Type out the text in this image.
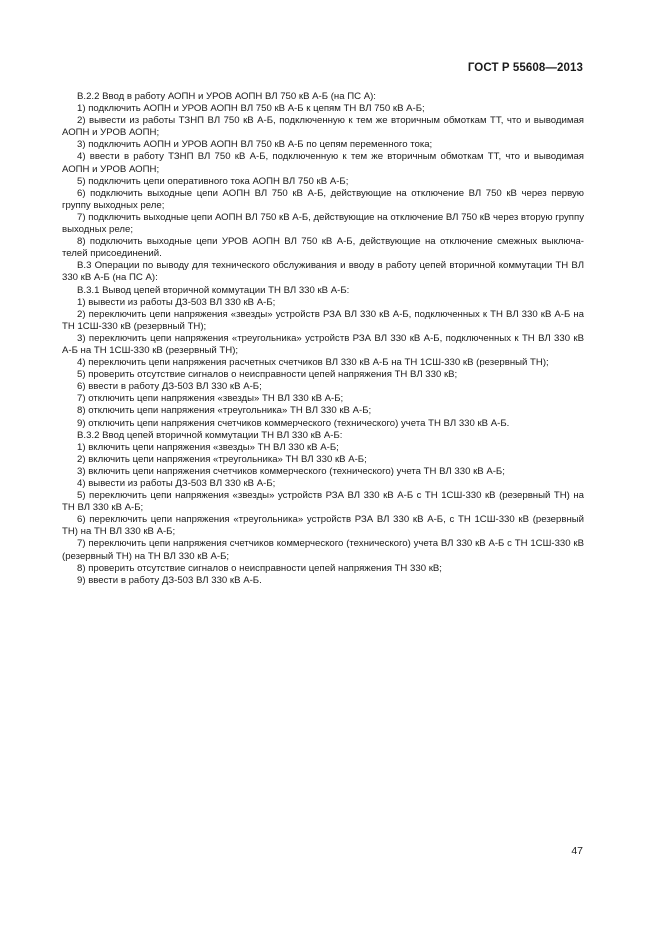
ГОСТ Р 55608—2013

В.2.2 Ввод в работу АОПН и УРОВ АОПН ВЛ 750 кВ А-Б (на ПС А):

1) подключить АОПН и УРОВ АОПН ВЛ 750 кВ А-Б к цепям ТН ВЛ 750 кВ А-Б;

2) вывести из работы ТЗНП ВЛ 750 кВ А-Б, подключенную к тем же вторичным обмоткам ТТ, что и выводимая АОПН и УРОВ АОПН;

3) подключить АОПН и УРОВ АОПН ВЛ 750 кВ А-Б по цепям переменного тока;

4) ввести в работу ТЗНП ВЛ 750 кВ А-Б, подключенную к тем же вторичным обмоткам ТТ, что и выводимая АОПН и УРОВ АОПН;

5) подключить цепи оперативного тока АОПН ВЛ 750 кВ А-Б;

6) подключить выходные цепи АОПН ВЛ 750 кВ А-Б, действующие на отключение ВЛ 750 кВ через первую группу выходных реле;

7) подключить выходные цепи АОПН ВЛ 750 кВ А-Б, действующие на отключение ВЛ 750 кВ через вторую группу выходных реле;

8) подключить выходные цепи УРОВ АОПН ВЛ 750 кВ А-Б, действующие на отключение смежных выключа-телей присоединений.

В.3 Операции по выводу для технического обслуживания и вводу в работу цепей вторичной коммутации ТН ВЛ 330 кВ А-Б (на ПС А):

В.3.1 Вывод цепей вторичной коммутации ТН ВЛ 330 кВ А-Б:

1) вывести из работы ДЗ-503 ВЛ 330 кВ А-Б;

2) переключить цепи напряжения «звезды» устройств РЗА ВЛ 330 кВ А-Б, подключенных к ТН ВЛ 330 кВ А-Б на ТН 1СШ-330 кВ (резервный ТН);

3) переключить цепи напряжения «треугольника» устройств РЗА ВЛ 330 кВ А-Б, подключенных к ТН ВЛ 330 кВ А-Б на ТН 1СШ-330 кВ (резервный ТН);

4) переключить цепи напряжения расчетных счетчиков ВЛ 330 кВ А-Б на ТН 1СШ-330 кВ (резервный ТН);

5) проверить отсутствие сигналов о неисправности цепей напряжения ТН ВЛ 330 кВ;

6) ввести в работу ДЗ-503 ВЛ 330 кВ А-Б;

7) отключить цепи напряжения «звезды» ТН ВЛ 330 кВ А-Б;

8) отключить цепи напряжения «треугольника» ТН ВЛ 330 кВ А-Б;

9) отключить цепи напряжения счетчиков коммерческого (технического) учета ТН ВЛ 330 кВ А-Б.

В.3.2 Ввод цепей вторичной коммутации ТН ВЛ 330 кВ А-Б:

1) включить цепи напряжения «звезды» ТН ВЛ 330 кВ А-Б;

2) включить цепи напряжения «треугольника» ТН ВЛ 330 кВ А-Б;

3) включить цепи напряжения счетчиков коммерческого (технического) учета ТН ВЛ 330 кВ А-Б;

4) вывести из работы ДЗ-503 ВЛ 330 кВ А-Б;

5) переключить цепи напряжения «звезды» устройств РЗА ВЛ 330 кВ А-Б с ТН 1СШ-330 кВ (резервный ТН) на ТН ВЛ 330 кВ А-Б;

6) переключить цепи напряжения «треугольника» устройств РЗА ВЛ 330 кВ А-Б, с ТН 1СШ-330 кВ (резервный ТН) на ТН ВЛ 330 кВ А-Б;

7) переключить цепи напряжения счетчиков коммерческого (технического) учета ВЛ 330 кВ А-Б с ТН 1СШ-330 кВ (резервный ТН) на ТН ВЛ 330 кВ А-Б;

8) проверить отсутствие сигналов о неисправности цепей напряжения ТН 330 кВ;

9) ввести в работу ДЗ-503 ВЛ 330 кВ А-Б.

47
